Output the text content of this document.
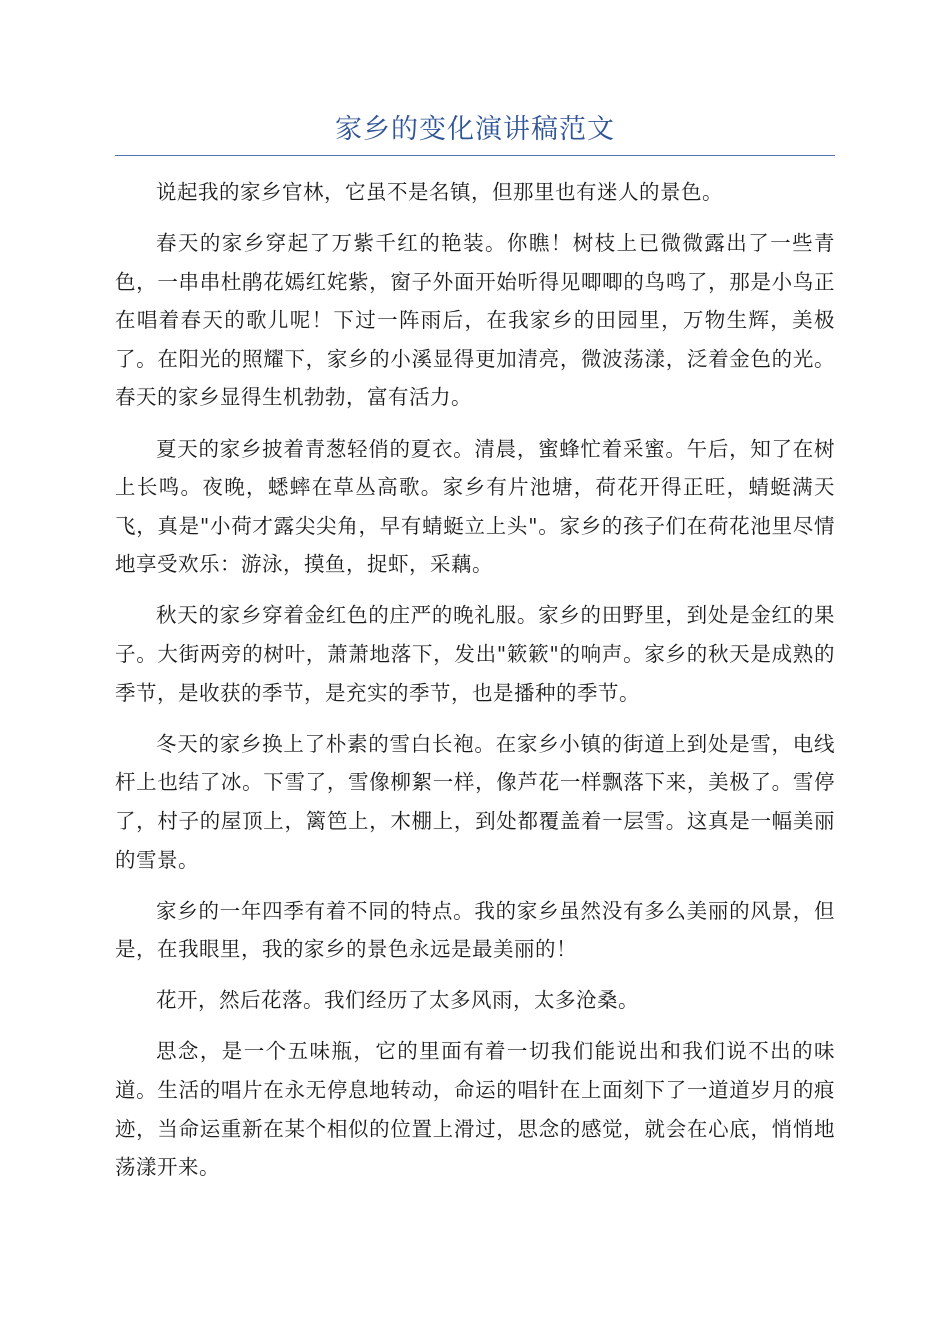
家乡的变化演讲稿范文

说起我的家乡官林，它虽不是名镇，但那里也有迷人的景色。

春天的家乡穿起了万紫千红的艳装。你瞧！树枝上已微微露出了一些青色，一串串杜鹃花嫣红姹紫，窗子外面开始听得见唧唧的鸟鸣了，那是小鸟正在唱着春天的歌儿呢！下过一阵雨后，在我家乡的田园里，万物生辉，美极了。在阳光的照耀下，家乡的小溪显得更加清亮，微波荡漾，泛着金色的光。春天的家乡显得生机勃勃，富有活力。

夏天的家乡披着青葱轻俏的夏衣。清晨，蜜蜂忙着采蜜。午后，知了在树上长鸣。夜晚，蟋蟀在草丛高歌。家乡有片池塘，荷花开得正旺，蜻蜓满天飞，真是"小荷才露尖尖角，早有蜻蜓立上头"。家乡的孩子们在荷花池里尽情地享受欢乐：游泳，摸鱼，捉虾，采藕。

秋天的家乡穿着金红色的庄严的晚礼服。家乡的田野里，到处是金红的果子。大街两旁的树叶，萧萧地落下，发出"簌簌"的响声。家乡的秋天是成熟的季节，是收获的季节，是充实的季节，也是播种的季节。

冬天的家乡换上了朴素的雪白长袍。在家乡小镇的街道上到处是雪，电线杆上也结了冰。下雪了，雪像柳絮一样，像芦花一样飘落下来，美极了。雪停了，村子的屋顶上，篱笆上，木棚上，到处都覆盖着一层雪。这真是一幅美丽的雪景。

家乡的一年四季有着不同的特点。我的家乡虽然没有多么美丽的风景，但是，在我眼里，我的家乡的景色永远是最美丽的！

花开，然后花落。我们经历了太多风雨，太多沧桑。

思念，是一个五味瓶，它的里面有着一切我们能说出和我们说不出的味道。生活的唱片在永无停息地转动，命运的唱针在上面刻下了一道道岁月的痕迹，当命运重新在某个相似的位置上滑过，思念的感觉，就会在心底，悄悄地荡漾开来。
